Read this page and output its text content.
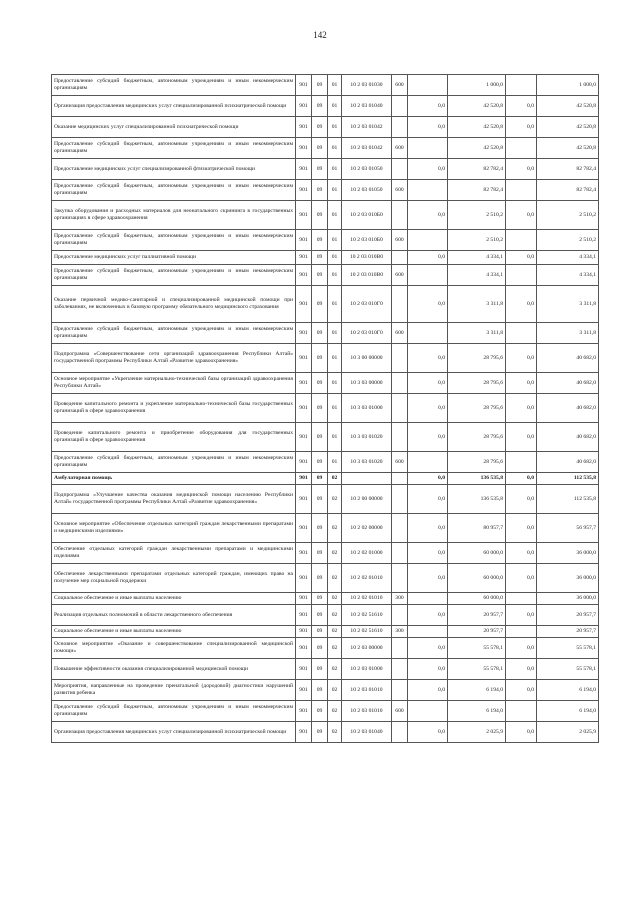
142
Предоставление субсидий бюджетным, автономным учреждениям и иным некоммерческим организациям	901	09	01	10 2 03 01030	600		1 000,0		1 000,0
Организация предоставления медицинских услуг специализированной психиатрической помощи	901	09	01	10 2 03 01040		0,0	42 520,8	0,0	42 520,8
Оказание медицинских услуг специализированной психиатрической помощи	901	09	01	10 2 03 01042		0,0	42 520,8	0,0	42 520,8
Предоставление субсидий бюджетным, автономным учреждениям и иным некоммерческим организациям	901	09	01	10 2 03 01042	600		42 520,8		42 520,8
Предоставление медицинских услуг специализированной фтизиатрической помощи	901	09	01	10 2 03 01050		0,0	82 782,4	0,0	82 782,4
Предоставление субсидий бюджетным, автономным учреждениям и иным некоммерческим организациям	901	09	01	10 2 03 01050	600		82 782,4		82 782,4
Закупка оборудования и расходных материалов для неонатального скрининга в государственных организациях в сфере здравоохранения	901	09	01	10 2 03 010Б0		0,0	2 510,2	0,0	2 510,2
Предоставление субсидий бюджетным, автономным учреждениям и иным некоммерческим организациям	901	09	01	10 2 03 010Б0	600		2 510,2		2 510,2
Предоставление медицинских услуг паллиативной помощи	901	09	01	10 2 03 010В0		0,0	4 334,1	0,0	4 334,1
Предоставление субсидий бюджетным, автономным учреждениям и иным некоммерческим организациям	901	09	01	10 2 03 010В0	600		4 334,1		4 334,1
Оказание первичной медико-санитарной и специализированной медицинской помощи при заболеваниях, не включенных в базовую программу обязательного медицинского страхования	901	09	01	10 2 03 010Г0		0,0	3 311,8	0,0	3 311,8
Предоставление субсидий бюджетным, автономным учреждениям и иным некоммерческим организациям	901	09	01	10 2 03 010Г0	600		3 311,8		3 311,8
Подпрограмма «Совершенствование сети организаций здравоохранения Республики Алтай» государственной программы Республики Алтай «Развитие здравоохранения»	901	09	01	10 3 00 00000		0,0	28 795,6	0,0	40 682,0
Основное мероприятие «Укрепление материально-технической базы организаций здравоохранения Республики Алтай»	901	09	01	10 3 03 00000		0,0	28 795,6	0,0	40 682,0
Проведение капитального ремонта и укрепление материально-технической базы государственных организаций в сфере здравоохранения	901	09	01	10 3 03 01000		0,0	28 795,6	0,0	40 682,0
Проведение капитального ремонта и приобретение оборудования для государственных организаций в сфере здравоохранения	901	09	01	10 3 03 01020		0,0	28 795,6	0,0	40 682,0
Предоставление субсидий бюджетным, автономным учреждениям и иным некоммерческим организациям	901	09	01	10 3 03 01020	600		28 795,6		40 682,0
Амбулаторная помощь	901	09	02			0,0	136 535,8	0,0	112 535,8
Подпрограмма «Улучшение качества оказания медицинской помощи населению Республики Алтай» государственной программы Республики Алтай «Развитие здравоохранения»	901	09	02	10 2 00 00000		0,0	136 535,8	0,0	112 535,8
Основное мероприятие «Обеспечение отдельных категорий граждан лекарственными препаратами и медицинскими изделиями»	901	09	02	10 2 02 00000		0,0	80 957,7	0,0	56 957,7
Обеспечение отдельных категорий граждан лекарственными препаратами и медицинскими изделиями	901	09	02	10 2 02 01000		0,0	60 000,0	0,0	36 000,0
Обеспечение лекарственными препаратами отдельных категорий граждан, имеющих право на получение мер социальной поддержки	901	09	02	10 2 02 01010		0,0	60 000,0	0,0	36 000,0
Социальное обеспечение и иные выплаты населению	901	09	02	10 2 02 01010	300		60 000,0		36 000,0
Реализация отдельных полномочий в области лекарственного обеспечения	901	09	02	10 2 02 51610		0,0	20 957,7	0,0	20 957,7
Социальное обеспечение и иные выплаты населению	901	09	02	10 2 02 51610	300		20 957,7		20 957,7
Основное мероприятие «Оказание и совершенствование специализированной медицинской помощи»	901	09	02	10 2 03 00000		0,0	55 578,1	0,0	55 578,1
Повышение эффективности оказания специализированной медицинской помощи	901	09	02	10 2 03 01000		0,0	55 578,1	0,0	55 578,1
Мероприятия, направленные на проведение пренатальной (дородовой) диагностики нарушений развития ребенка	901	09	02	10 2 03 01010		0,0	6 194,0	0,0	6 194,0
Предоставление субсидий бюджетным, автономным учреждениям и иным некоммерческим организациям	901	09	02	10 2 03 01010	600		6 194,0		6 194,0
Организация предоставления медицинских услуг специализированной психиатрической помощи	901	09	02	10 2 03 01040		0,0	2 025,9	0,0	2 025,9
